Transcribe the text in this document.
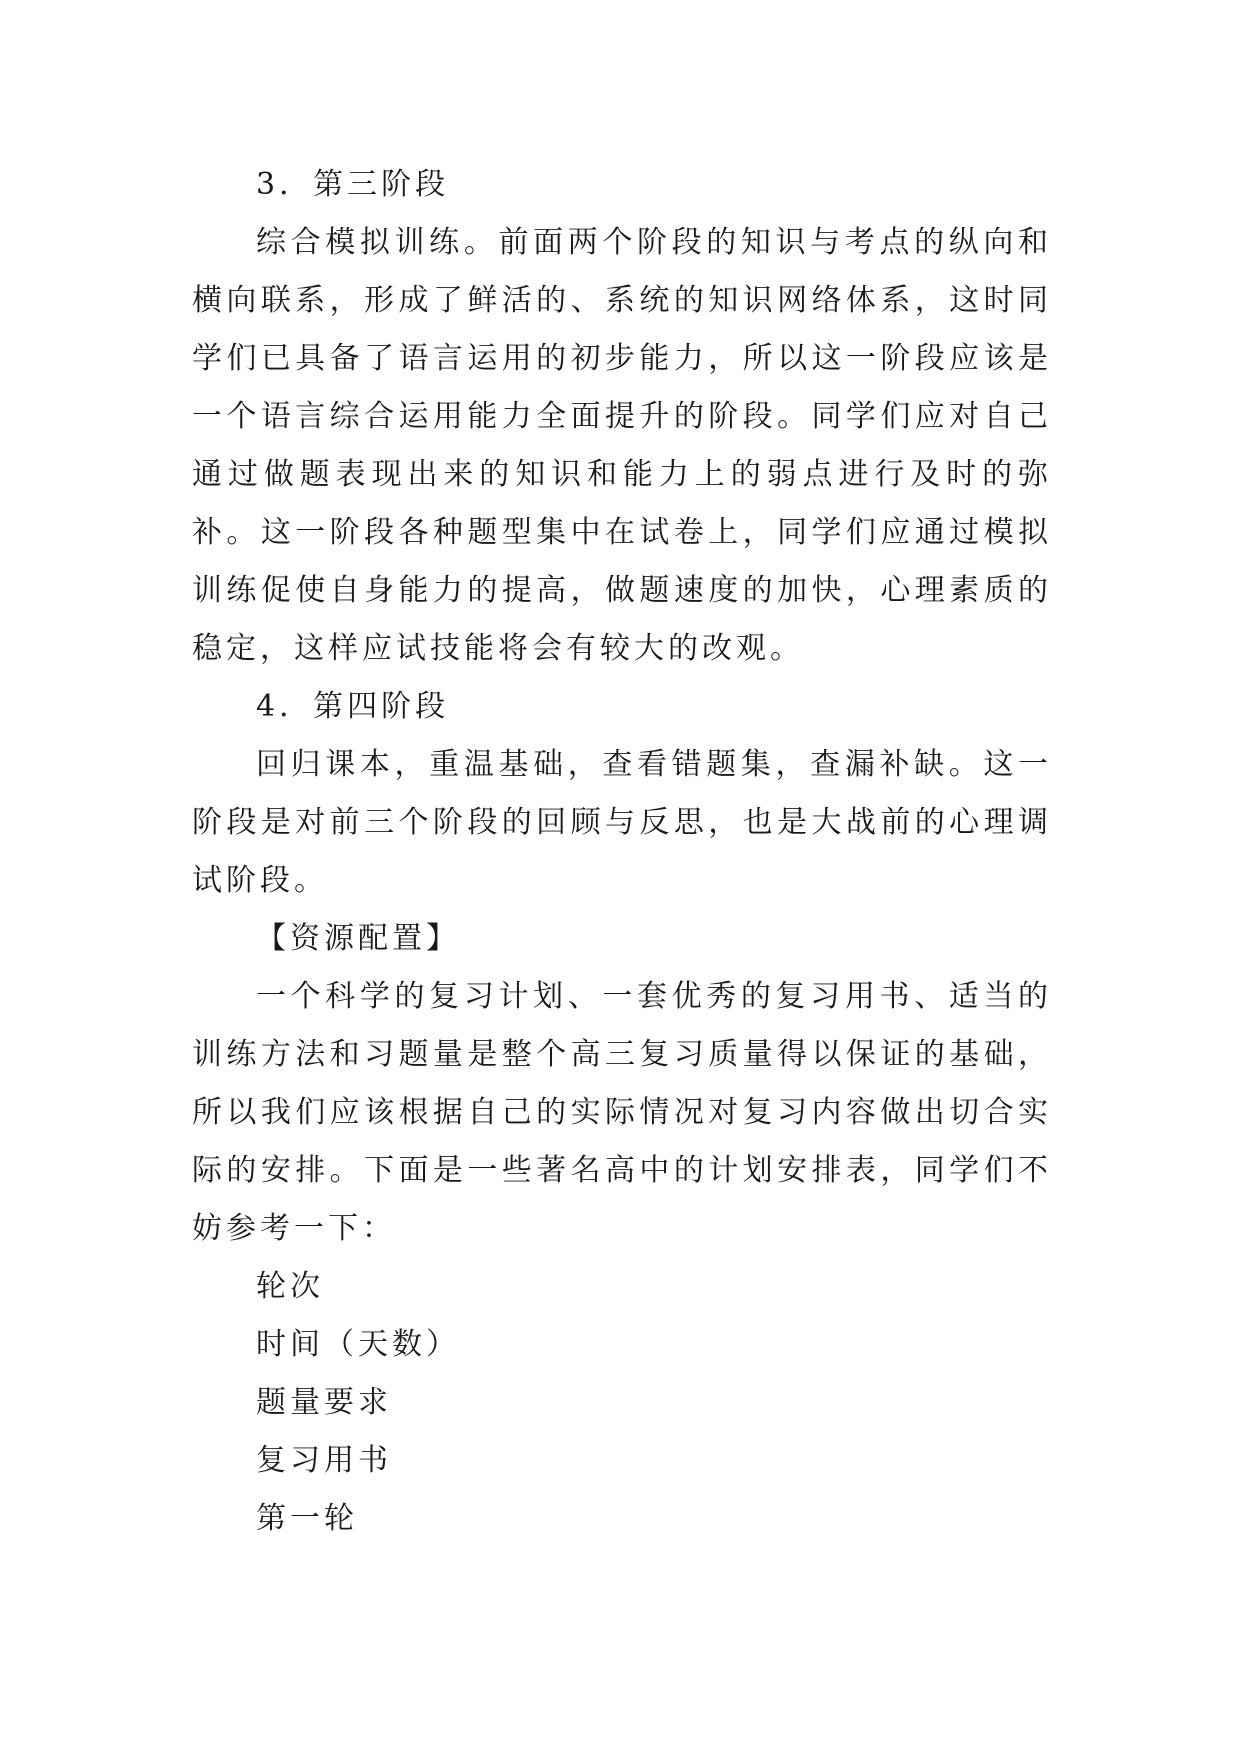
3．第三阶段

综合模拟训练。前面两个阶段的知识与考点的纵向和横向联系，形成了鲜活的、系统的知识网络体系，这时同学们已具备了语言运用的初步能力，所以这一阶段应该是一个语言综合运用能力全面提升的阶段。同学们应对自己通过做题表现出来的知识和能力上的弱点进行及时的弥补。这一阶段各种题型集中在试卷上，同学们应通过模拟训练促使自身能力的提高，做题速度的加快，心理素质的稳定，这样应试技能将会有较大的改观。

4．第四阶段

回归课本，重温基础，查看错题集，查漏补缺。这一阶段是对前三个阶段的回顾与反思，也是大战前的心理调试阶段。

【资源配置】

一个科学的复习计划、一套优秀的复习用书、适当的训练方法和习题量是整个高三复习质量得以保证的基础，所以我们应该根据自己的实际情况对复习内容做出切合实际的安排。下面是一些著名高中的计划安排表，同学们不妨参考一下：

轮次

时间（天数）

题量要求

复习用书

第一轮
